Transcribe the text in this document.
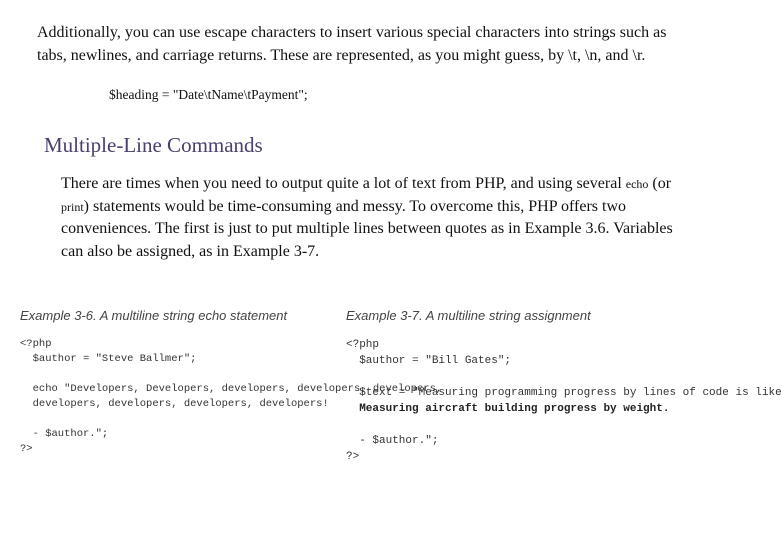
Additionally, you can use escape characters to insert various special characters into strings such as tabs, newlines, and carriage returns. These are represented, as you might guess, by \t, \n, and \r.

$heading = "Date\tName\tPayment";

Multiple-Line Commands

There are times when you need to output quite a lot of text from PHP, and using several echo (or print) statements would be time-consuming and messy. To overcome this, PHP offers two conveniences. The first is just to put multiple lines between quotes as in Example 3.6. Variables can also be assigned, as in Example 3-7.

Example 3-6. A multiline string echo statement

<?php
$author = "Steve Ballmer";
echo "Developers, Developers, developers, developers, developers,
developers, developers, developers, developers!
- $author.";
?>

Example 3-7. A multiline string assignment

<?php
$author = "Bill Gates";
$text = "Measuring programming progress by lines of code is like
Measuring aircraft building progress by weight.
- $author.";
?>
